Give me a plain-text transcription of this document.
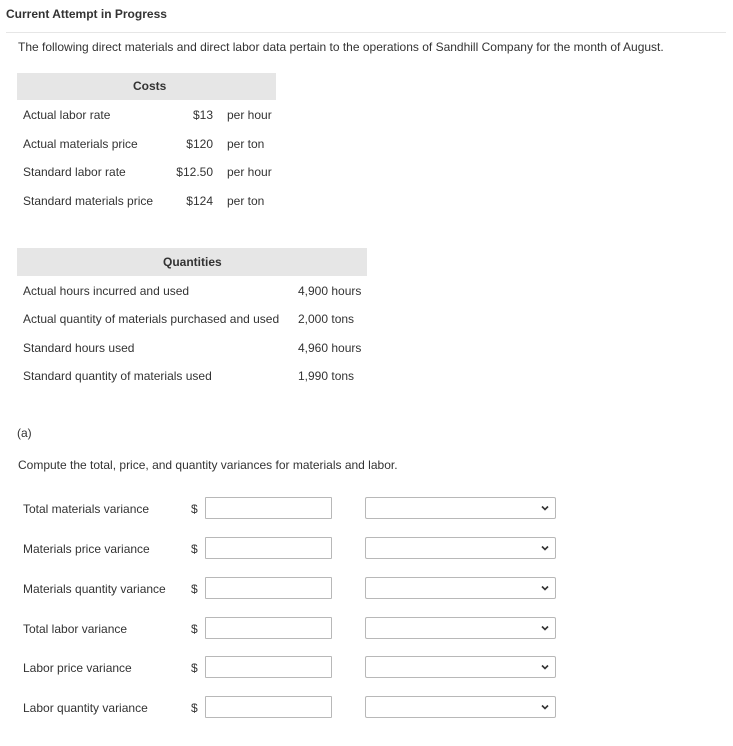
Current Attempt in Progress
The following direct materials and direct labor data pertain to the operations of Sandhill Company for the month of August.
Costs
Actual labor rate	$13 per hour
Actual materials price	$120 per ton
Standard labor rate	$12.50 per hour
Standard materials price	$124 per ton
Quantities
Actual hours incurred and used	4,900 hours
Actual quantity of materials purchased and used 2,000 tons
Standard hours used	4,960 hours
Standard quantity of materials used	1,990 tons
(a)
Compute the total, price, and quantity variances for materials and labor.
Total materials variance	$
Materials price variance	$
Materials quantity variance $
Total labor variance	$
Labor price variance	$
Labor quantity variance	$
